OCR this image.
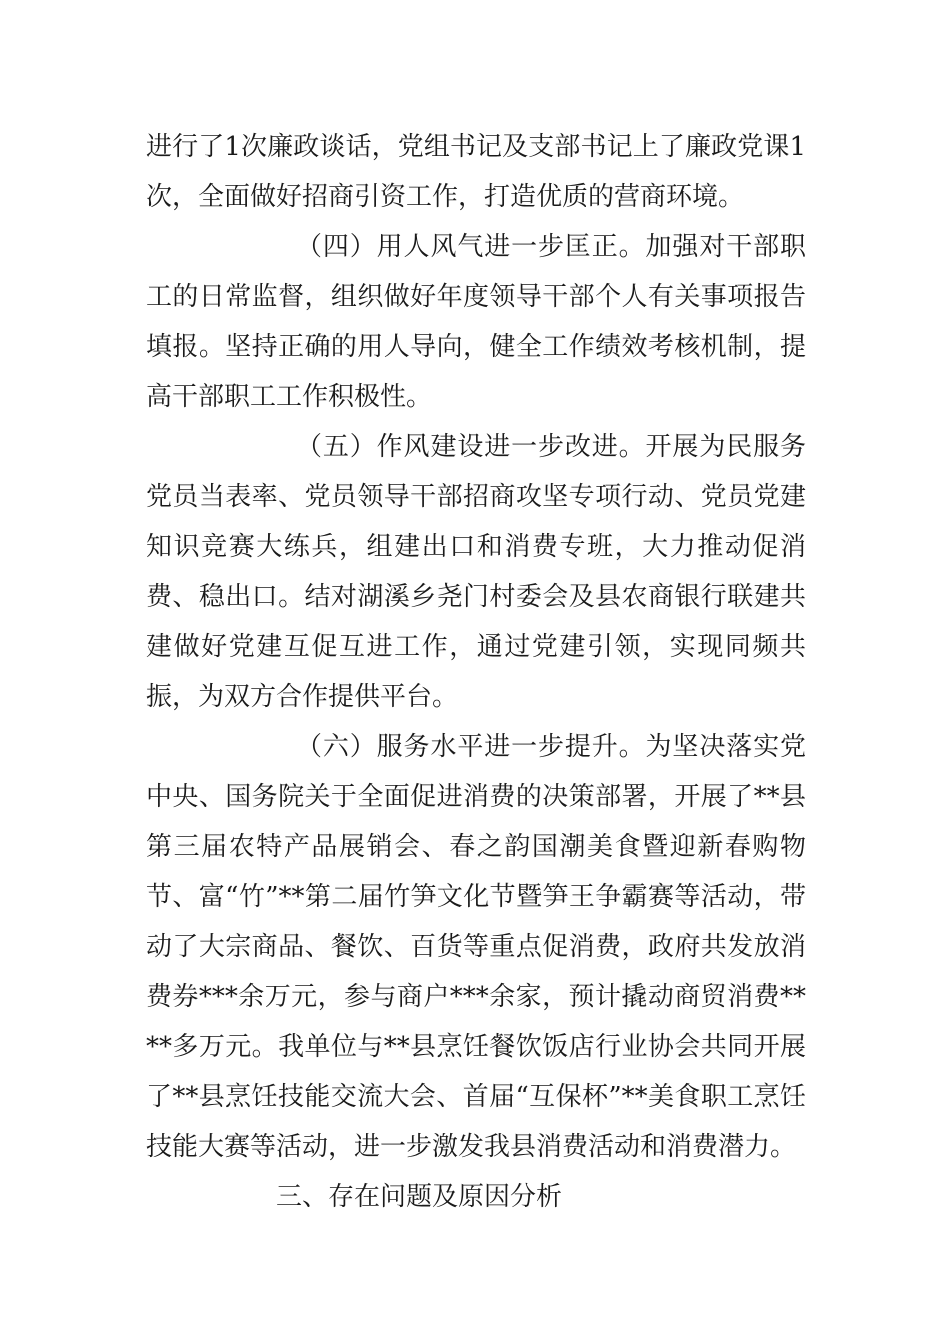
进行了1次廉政谈话，党组书记及支部书记上了廉政党课1次，全面做好招商引资工作，打造优质的营商环境。

（四）用人风气进一步匡正。加强对干部职工的日常监督，组织做好年度领导干部个人有关事项报告填报。坚持正确的用人导向，健全工作绩效考核机制，提高干部职工工作积极性。

（五）作风建设进一步改进。开展为民服务党员当表率、党员领导干部招商攻坚专项行动、党员党建知识竞赛大练兵，组建出口和消费专班，大力推动促消费、稳出口。结对湖溪乡尧门村委会及县农商银行联建共建做好党建互促互进工作，通过党建引领，实现同频共振，为双方合作提供平台。

（六）服务水平进一步提升。为坚决落实党中央、国务院关于全面促进消费的决策部署，开展了**县第三届农特产品展销会、春之韵国潮美食暨迎新春购物节、富“竹”**第二届竹笋文化节暨笋王争霸赛等活动，带动了大宗商品、餐饮、百货等重点促消费，政府共发放消费券***余万元，参与商户***余家，预计撬动商贸消费****多万元。我单位与**县烹饪餐饮饭店行业协会共同开展了**县烹饪技能交流大会、首届“互保杯”**美食职工烹饪技能大赛等活动，进一步激发我县消费活动和消费潜力。

三、存在问题及原因分析
